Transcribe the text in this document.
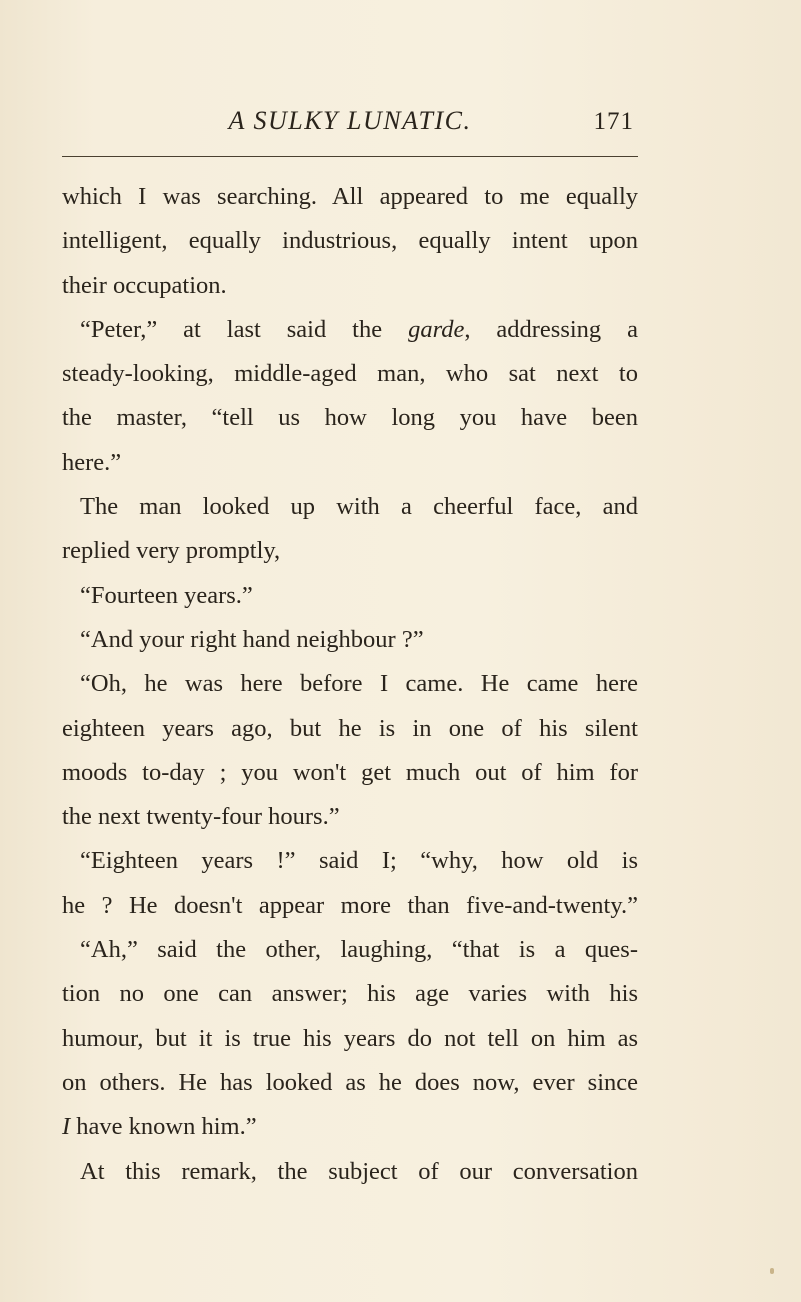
A SULKY LUNATIC.	171
which I was searching. All appeared to me equally
intelligent, equally industrious, equally intent upon
their occupation.
“Peter,” at last said the garde, addressing a
steady-looking, middle-aged man, who sat next to
the master, “tell us how long you have been
here.”
The man looked up with a cheerful face, and
replied very promptly,
“Fourteen years.”
“And your right hand neighbour ?”
“Oh, he was here before I came. He came here
eighteen years ago, but he is in one of his silent
moods to-day ; you won't get much out of him for
the next twenty-four hours.”
“Eighteen years !” said I; “why, how old is
he ? He doesn't appear more than five-and-twenty.”
“Ah,” said the other, laughing, “that is a ques-
tion no one can answer; his age varies with his
humour, but it is true his years do not tell on him as
on others. He has looked as he does now, ever since
I have known him.”
At this remark, the subject of our conversation
